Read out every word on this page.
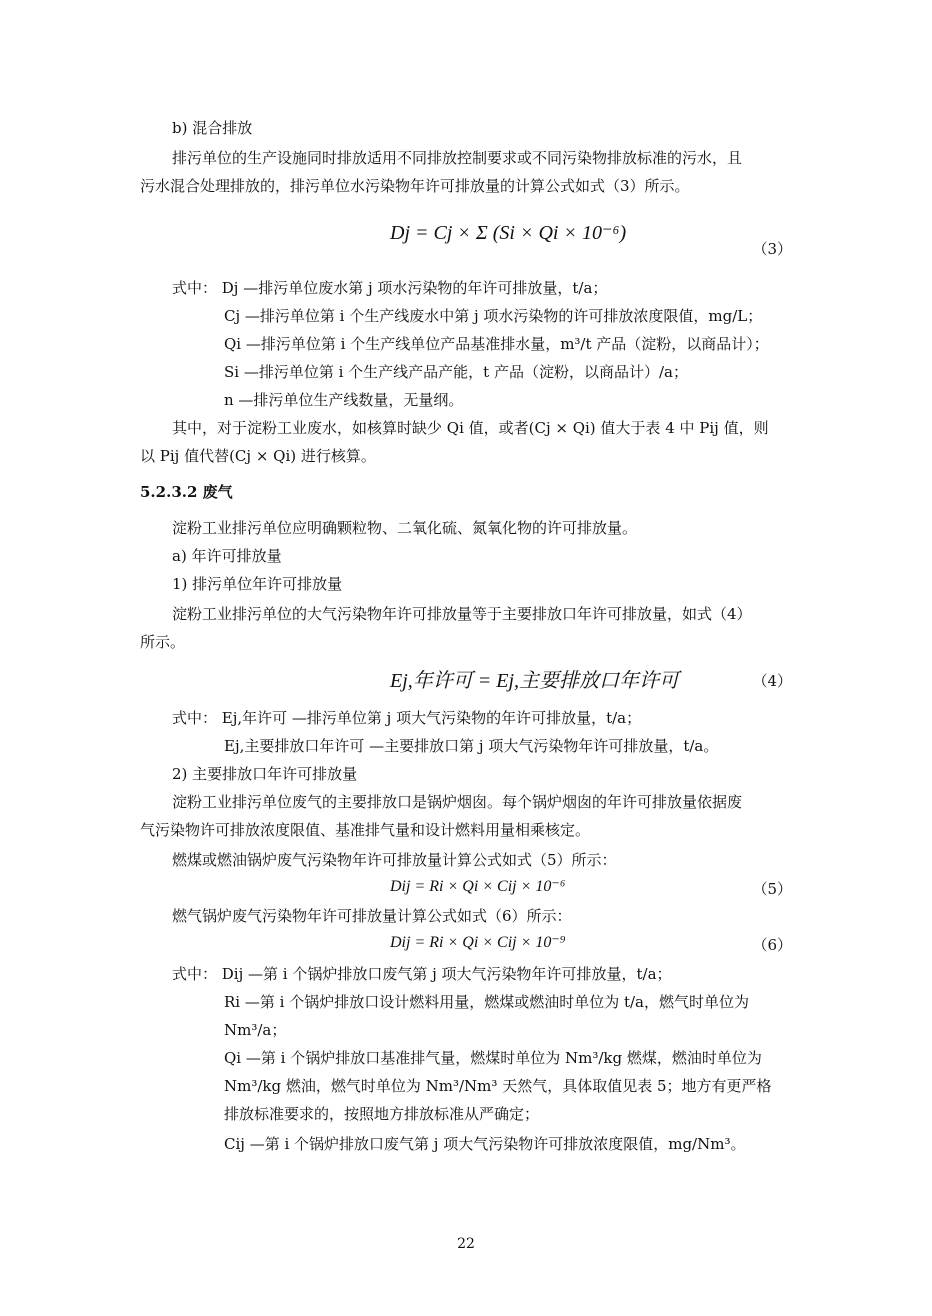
b) 混合排放
排污单位的生产设施同时排放适用不同排放控制要求或不同污染物排放标准的污水，且
污水混合处理排放的，排污单位水污染物年许可排放量的计算公式如式（3）所示。
Dj = Cj × Σ (Si × Qi × 10⁻⁶)
（3）
式中： Dj —排污单位废水第 j 项水污染物的年许可排放量，t/a；
Cj —排污单位第 i 个生产线废水中第 j 项水污染物的许可排放浓度限值，mg/L；
Qi —排污单位第 i 个生产线单位产品基准排水量，m³/t 产品（淀粉，以商品计）；
Si —排污单位第 i 个生产线产品产能，t 产品（淀粉，以商品计）/a；
n —排污单位生产线数量，无量纲。
其中，对于淀粉工业废水，如核算时缺少 Qi 值，或者(Cj × Qi) 值大于表 4 中 Pij 值，则
以 Pij 值代替(Cj × Qi) 进行核算。
5.2.3.2 废气
淀粉工业排污单位应明确颗粒物、二氧化硫、氮氧化物的许可排放量。
a) 年许可排放量
1) 排污单位年许可排放量
淀粉工业排污单位的大气污染物年许可排放量等于主要排放口年许可排放量，如式（4）
所示。
Ej,年许可 = Ej,主要排放口年许可	（4）
式中： Ej,年许可 —排污单位第 j 项大气污染物的年许可排放量，t/a；
Ej,主要排放口年许可 —主要排放口第 j 项大气污染物年许可排放量，t/a。
2) 主要排放口年许可排放量
淀粉工业排污单位废气的主要排放口是锅炉烟囱。每个锅炉烟囱的年许可排放量依据废
气污染物许可排放浓度限值、基准排气量和设计燃料用量相乘核定。
燃煤或燃油锅炉废气污染物年许可排放量计算公式如式（5）所示：
Dij = Ri × Qi × Cij × 10⁻⁶	（5）
燃气锅炉废气污染物年许可排放量计算公式如式（6）所示：
Dij = Ri × Qi × Cij × 10⁻⁹	（6）
式中： Dij —第 i 个锅炉排放口废气第 j 项大气污染物年许可排放量，t/a；
Ri —第 i 个锅炉排放口设计燃料用量，燃煤或燃油时单位为 t/a，燃气时单位为
Nm³/a；
Qi —第 i 个锅炉排放口基准排气量，燃煤时单位为 Nm³/kg 燃煤，燃油时单位为
Nm³/kg 燃油，燃气时单位为 Nm³/Nm³ 天然气，具体取值见表 5；地方有更严格
排放标准要求的，按照地方排放标准从严确定；
Cij —第 i 个锅炉排放口废气第 j 项大气污染物许可排放浓度限值，mg/Nm³。
22
